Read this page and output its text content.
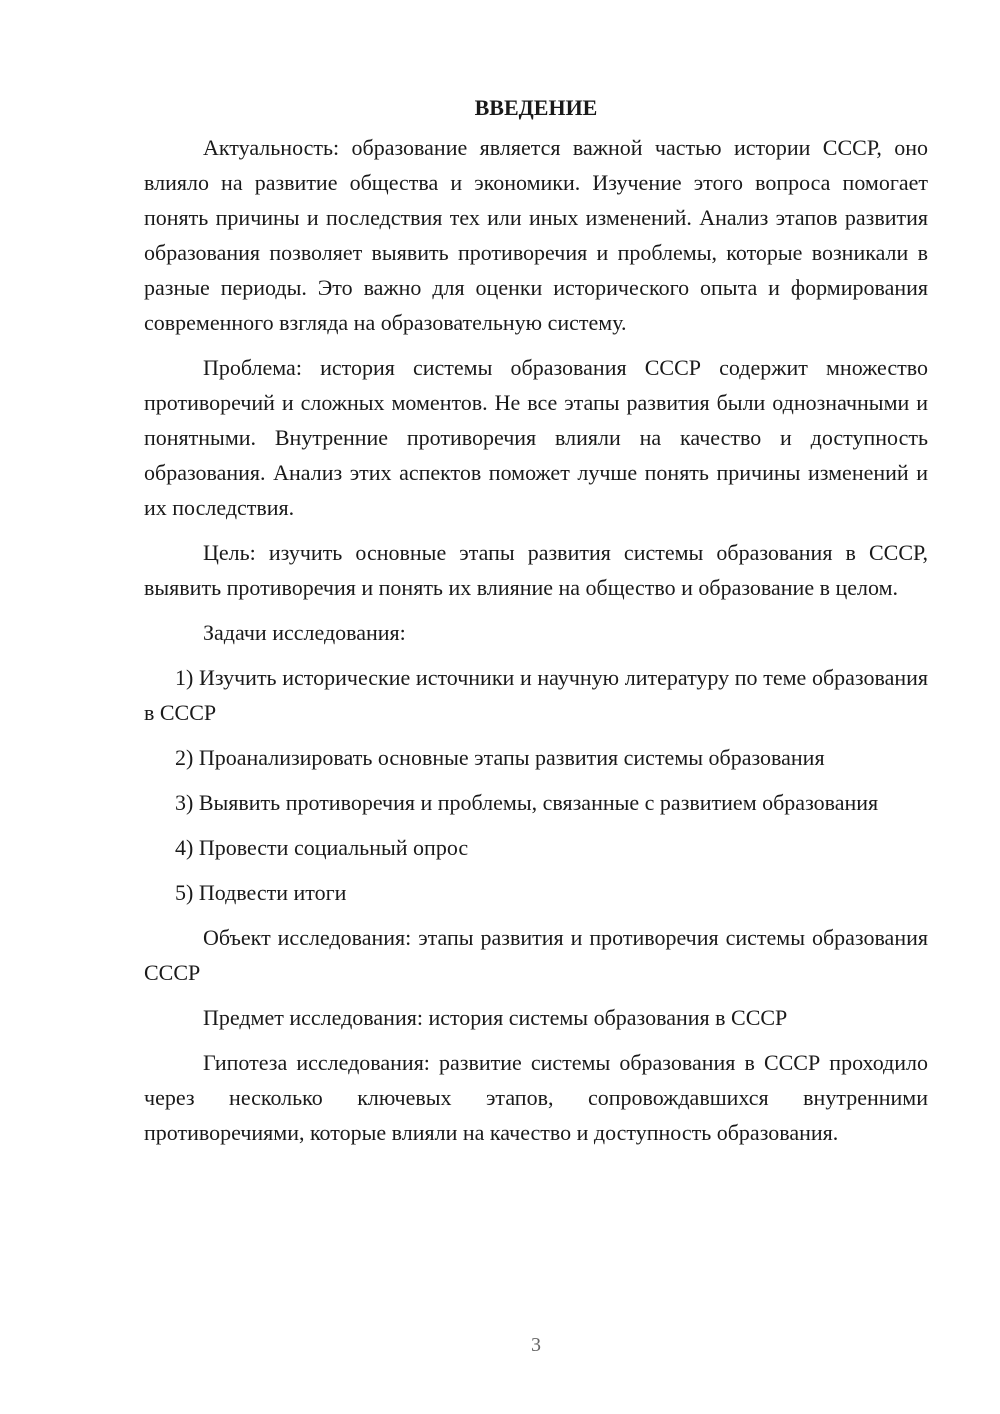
ВВЕДЕНИЕ

Актуальность: образование является важной частью истории СССР, оно влияло на развитие общества и экономики. Изучение этого вопроса помогает понять причины и последствия тех или иных изменений. Анализ этапов развития образования позволяет выявить противоречия и проблемы, которые возникали в разные периоды. Это важно для оценки исторического опыта и формирования современного взгляда на образовательную систему.

Проблема: история системы образования СССР содержит множество противоречий и сложных моментов. Не все этапы развития были однозначными и понятными. Внутренние противоречия влияли на качество и доступность образования. Анализ этих аспектов поможет лучше понять причины изменений и их последствия.

Цель: изучить основные этапы развития системы образования в СССР, выявить противоречия и понять их влияние на общество и образование в целом.

Задачи исследования:

1) Изучить исторические источники и научную литературу по теме образования в СССР

2) Проанализировать основные этапы развития системы образования

3) Выявить противоречия и проблемы, связанные с развитием образования

4) Провести социальный опрос

5) Подвести итоги

Объект исследования: этапы развития и противоречия системы образования СССР

Предмет исследования: история системы образования в СССР

Гипотеза исследования: развитие системы образования в СССР проходило через несколько ключевых этапов, сопровождавшихся внутренними противоречиями, которые влияли на качество и доступность образования.

3
